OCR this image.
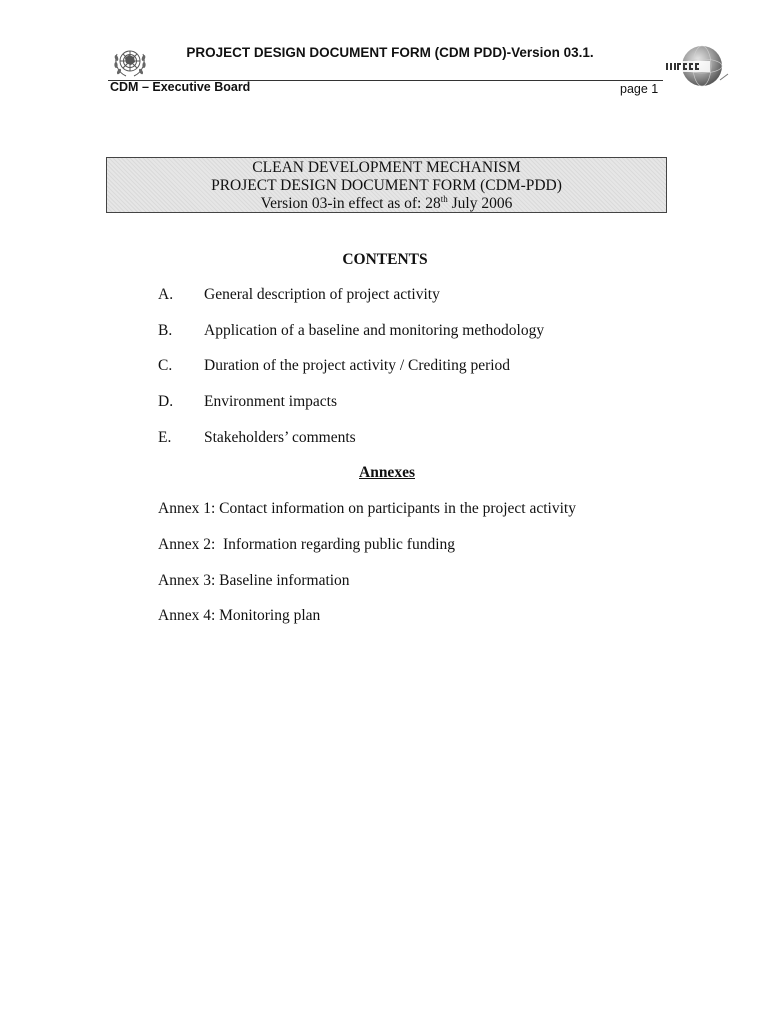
PROJECT DESIGN DOCUMENT FORM (CDM PDD)-Version 03.1.
CDM – Executive Board	page 1
CLEAN DEVELOPMENT MECHANISM
PROJECT DESIGN DOCUMENT FORM (CDM-PDD)
Version 03-in effect as of: 28th July 2006
CONTENTS
A. General description of project activity
B. Application of a baseline and monitoring methodology
C. Duration of the project activity / Crediting period
D. Environment impacts
E. Stakeholders’ comments
Annexes
Annex 1: Contact information on participants in the project activity
Annex 2:  Information regarding public funding
Annex 3: Baseline information
Annex 4: Monitoring plan
